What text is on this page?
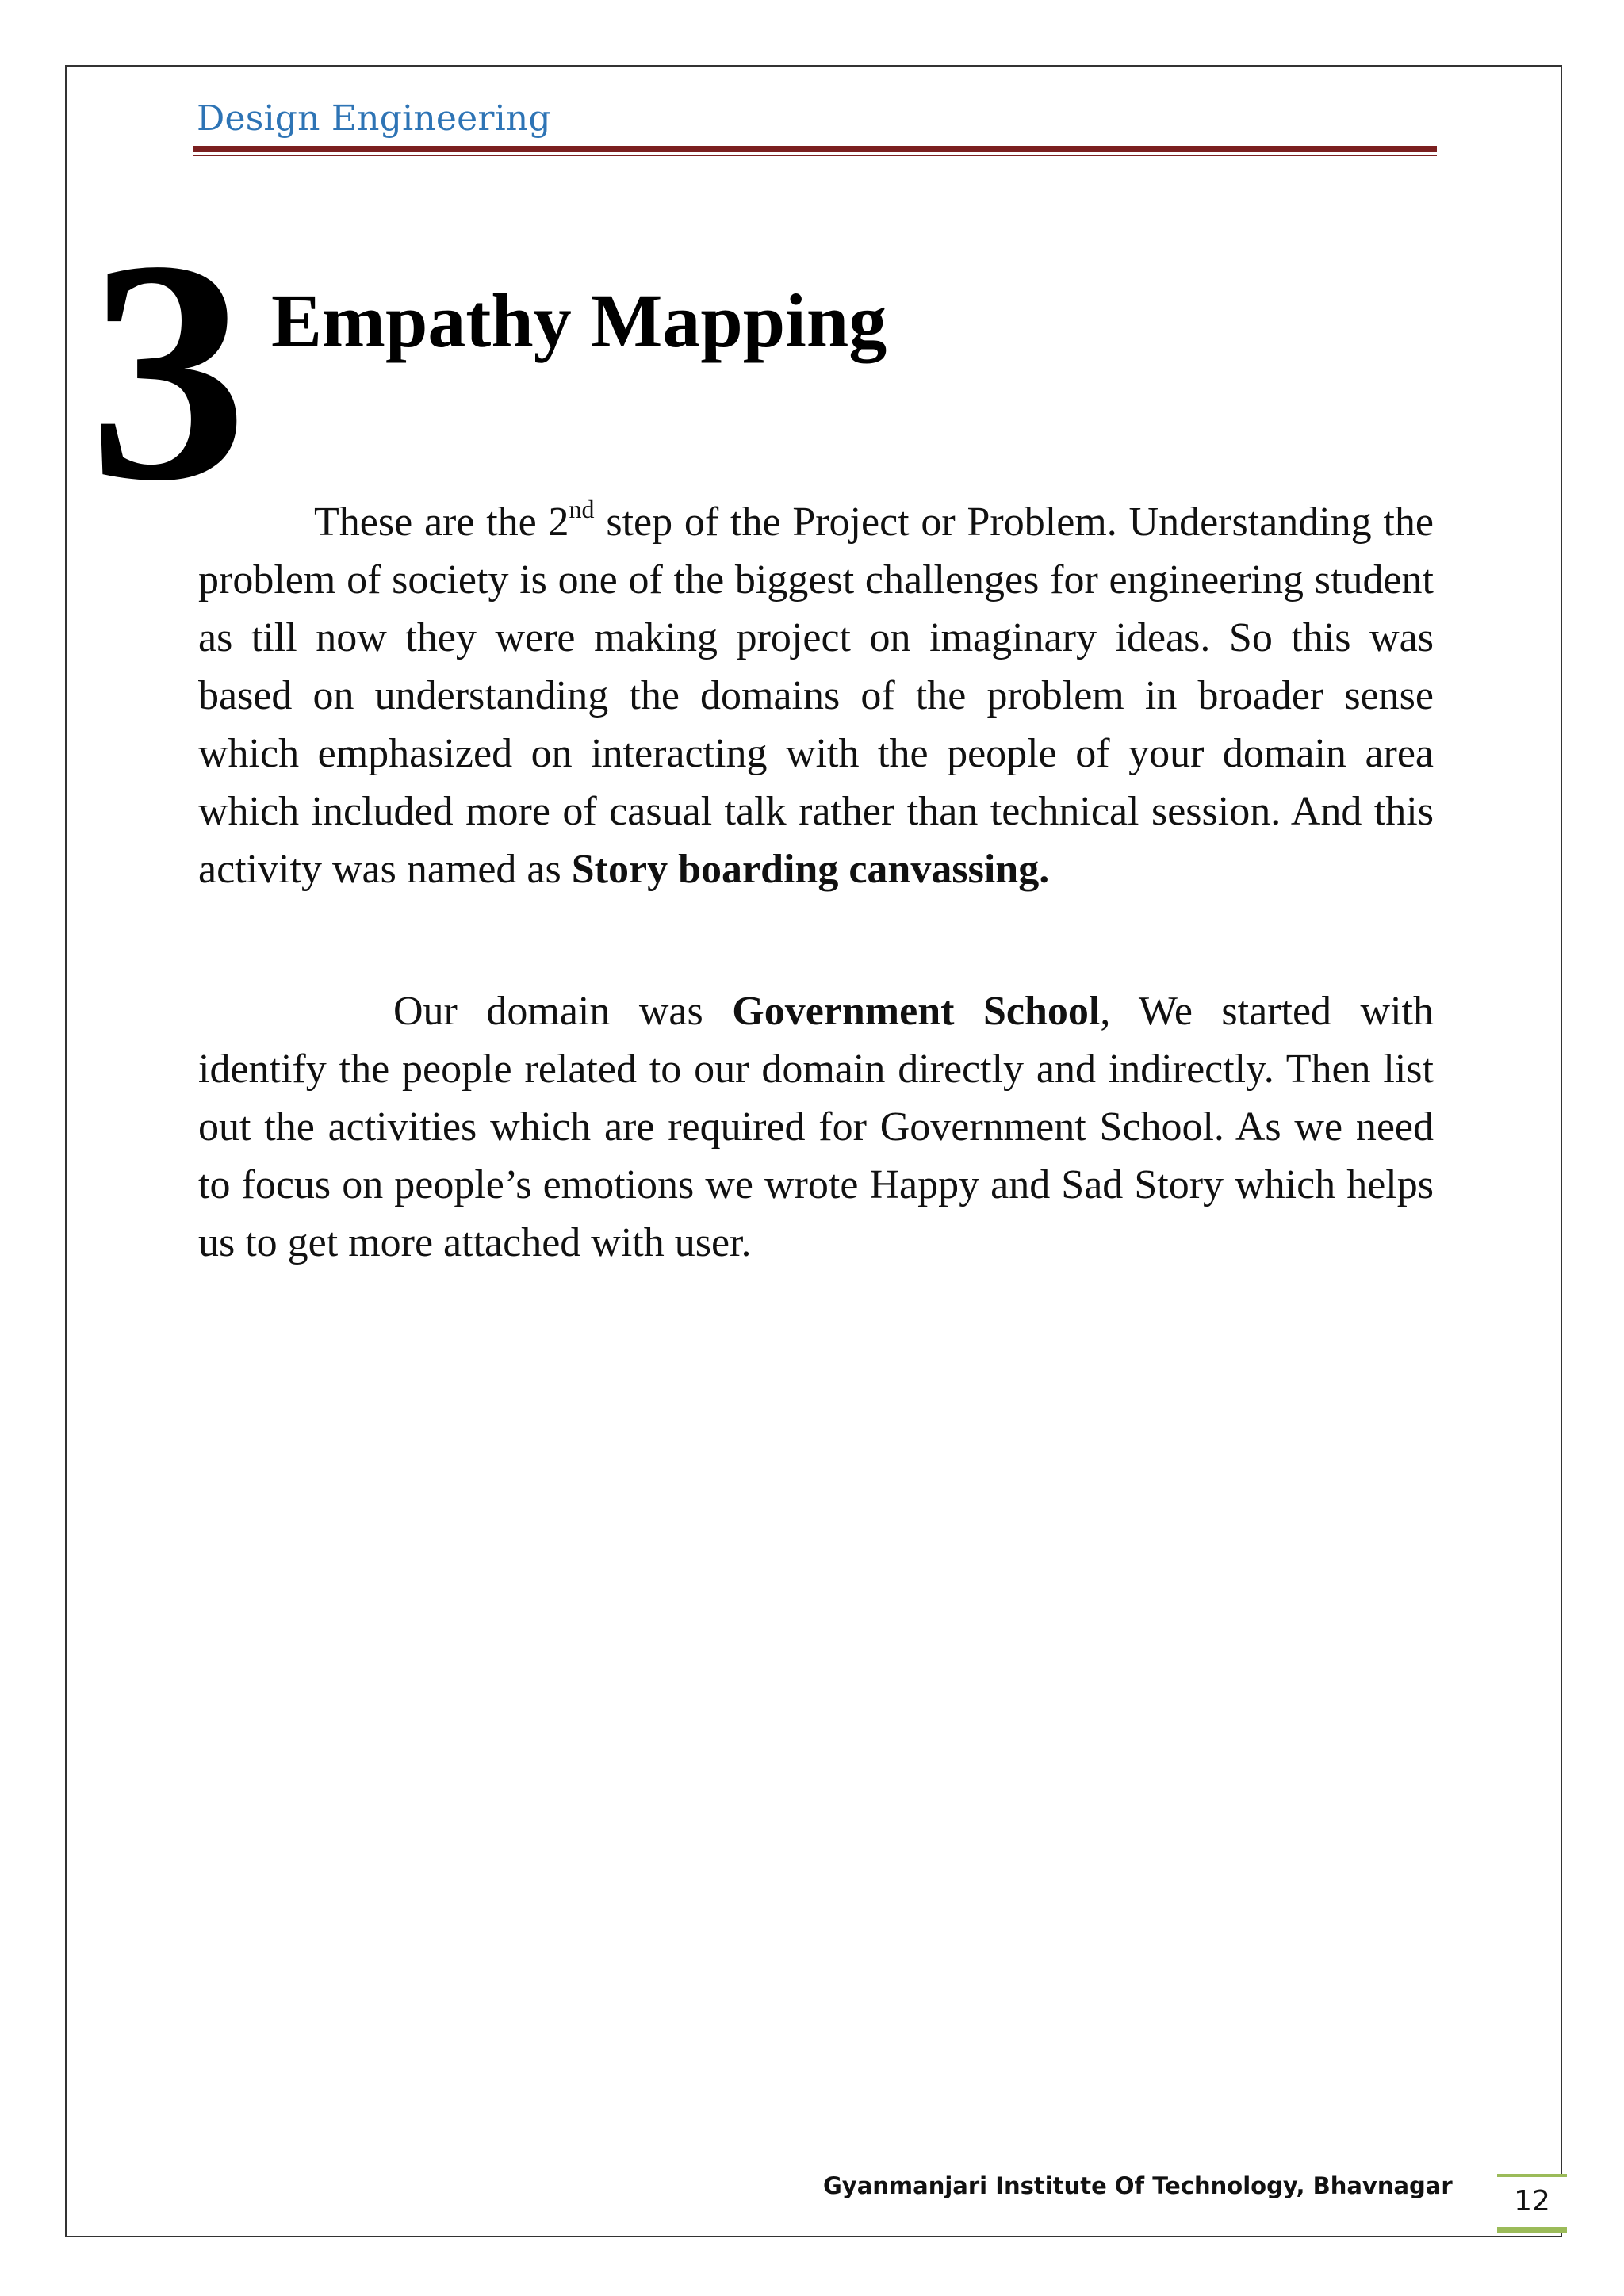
Design Engineering
3 Empathy Mapping

These are the 2nd step of the Project or Problem. Understanding the problem of society is one of the biggest challenges for engineering student as till now they were making project on imaginary ideas. So this was based on understanding the domains of the problem in broader sense which emphasized on interacting with the people of your domain area which included more of casual talk rather than technical session. And this activity was named as Story boarding canvassing.

Our domain was Government School, We started with identify the people related to our domain directly and indirectly. Then list out the activities which are required for Government School. As we need to focus on people’s emotions we wrote Happy and Sad Story which helps us to get more attached with user.

Gyanmanjari Institute Of Technology, Bhavnagar	12
